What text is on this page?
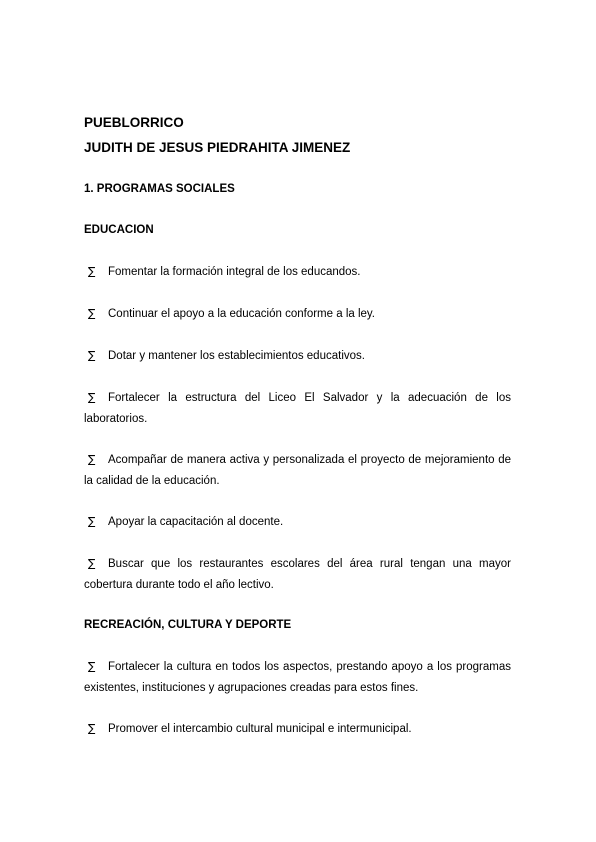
PUEBLORRICO
JUDITH DE JESUS PIEDRAHITA JIMENEZ
1. PROGRAMAS SOCIALES
EDUCACION
∑ Fomentar la formación integral de los educandos.
∑ Continuar el apoyo a la educación conforme a la ley.
∑ Dotar y mantener los establecimientos educativos.
∑ Fortalecer la estructura del Liceo El Salvador y la adecuación de los laboratorios.
∑ Acompañar de manera activa y personalizada el proyecto de mejoramiento de la calidad de la educación.
∑ Apoyar la capacitación al docente.
∑ Buscar que los restaurantes escolares del área rural tengan una mayor cobertura durante todo el año lectivo.
RECREACIÓN, CULTURA Y DEPORTE
∑ Fortalecer la cultura en todos los aspectos, prestando apoyo a los programas existentes, instituciones y agrupaciones creadas para estos fines.
∑ Promover el intercambio cultural municipal e intermunicipal.
